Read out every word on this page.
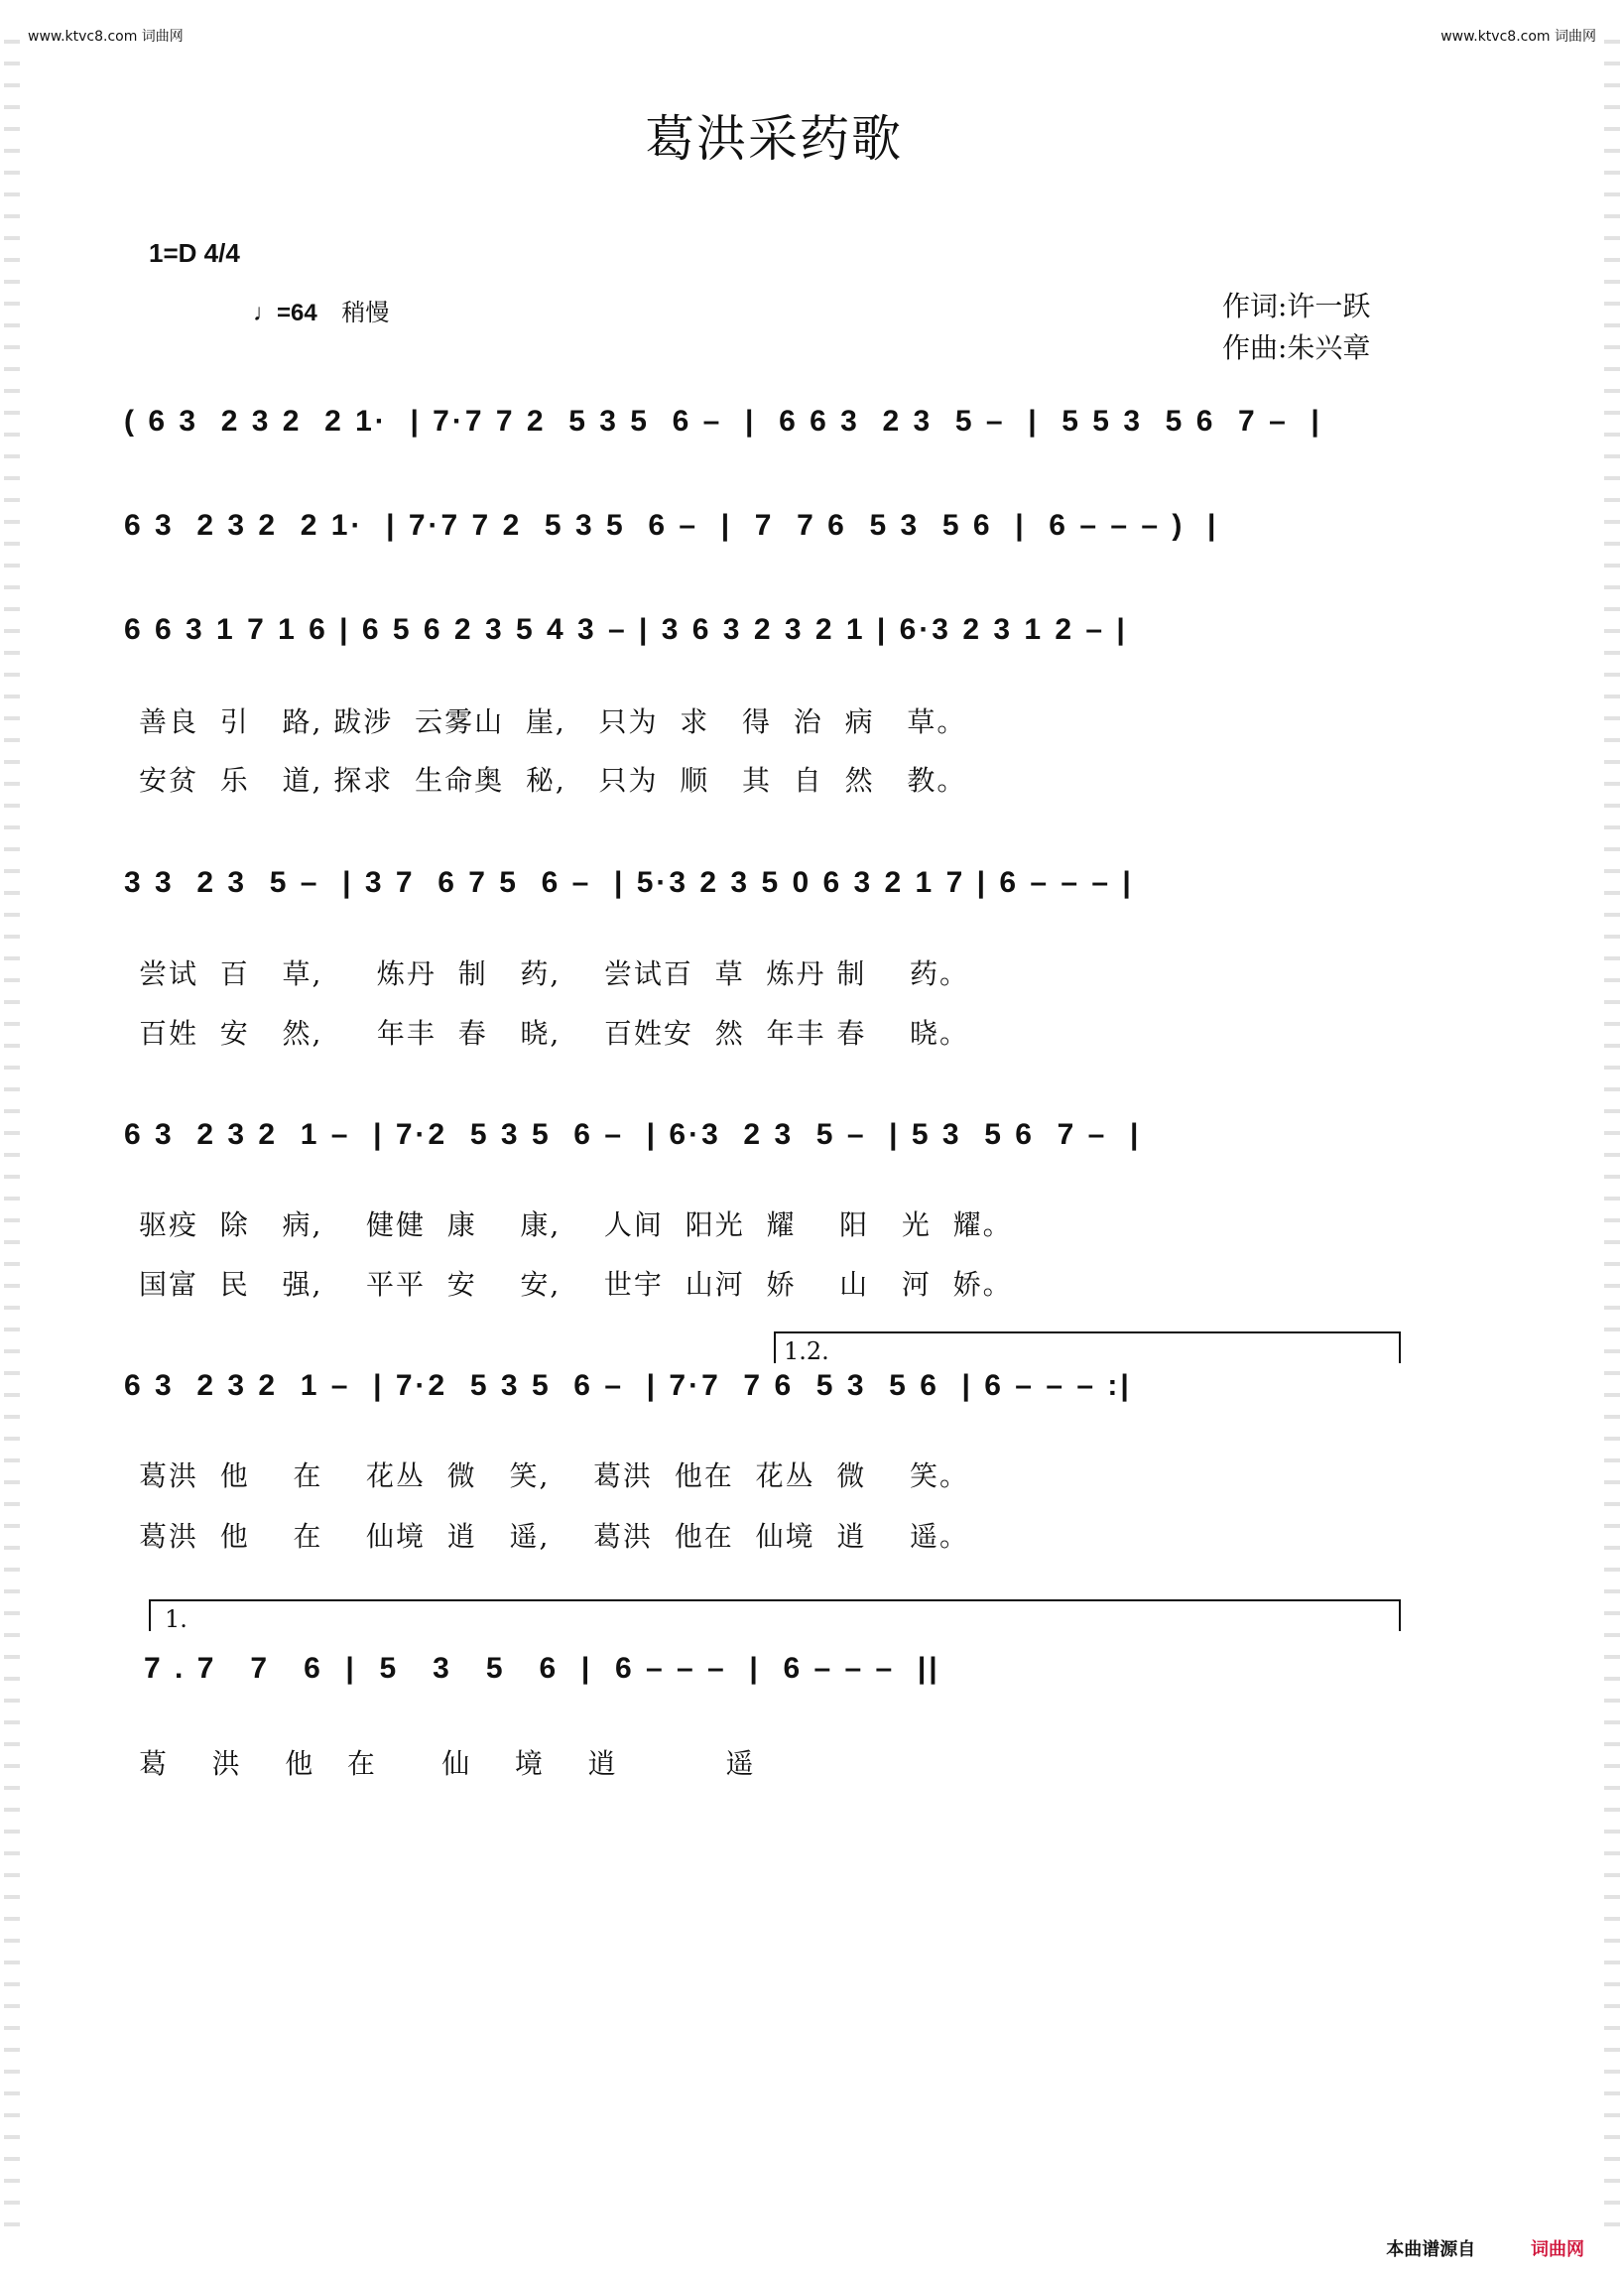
www.ktvc8.com 词曲网	www.ktvc8.com 词曲网
葛洪采药歌
1=D 4/4
♩=64 稍慢	作词:许一跃
作曲:朱兴章
( 6 3  2 3 2  2 1·  | 7·7 7 2  5 3 5  6 –  |  6 6 3  2 3  5 –  |  5 5 3  5 6  7 –  |
6 3  2 3 2  2 1·  | 7·7 7 2  5 3 5  6 –  |  7  7 6  5 3  5 6  |  6 – – – )  |
6 6 3 1 7 1 6 | 6 5 6 2 3 5 4 3 – | 3 6 3 2 3 2 1 | 6·3 2 3 1 2 – |
善良  引   路, 跋涉  云雾山  崖,   只为  求   得  治  病   草。
安贫  乐   道, 探求  生命奥  秘,   只为  顺   其  自  然   教。
3 3  2 3  5 –  | 3 7  6 7 5  6 –  | 5·3 2 3 5 0 6 3 2 1 7 | 6 – – – |
尝试  百   草,     炼丹  制   药,    尝试百  草  炼丹 制    药。
百姓  安   然,     年丰  春   晓,    百姓安  然  年丰 春    晓。
6 3  2 3 2  1 –  | 7·2  5 3 5  6 –  | 6·3  2 3  5 –  | 5 3  5 6  7 –  |
驱疫  除   病,    健健  康    康,    人间  阳光  耀    阳   光  耀。
国富  民   强,    平平  安    安,    世宇  山河  娇    山   河  娇。
1.2.
6 3  2 3 2  1 –  | 7·2  5 3 5  6 –  | 7·7  7 6  5 3  5 6  | 6 – – – :|
葛洪  他    在    花丛  微   笑,    葛洪  他在  花丛  微    笑。
葛洪  他    在    仙境  逍   遥,    葛洪  他在  仙境  逍    遥。
1.
7 . 7   7   6  |  5   3   5   6  |  6 – – –  |  6 – – –  ||
葛    洪    他   在      仙    境    逍          遥
本曲谱源自	词曲网
